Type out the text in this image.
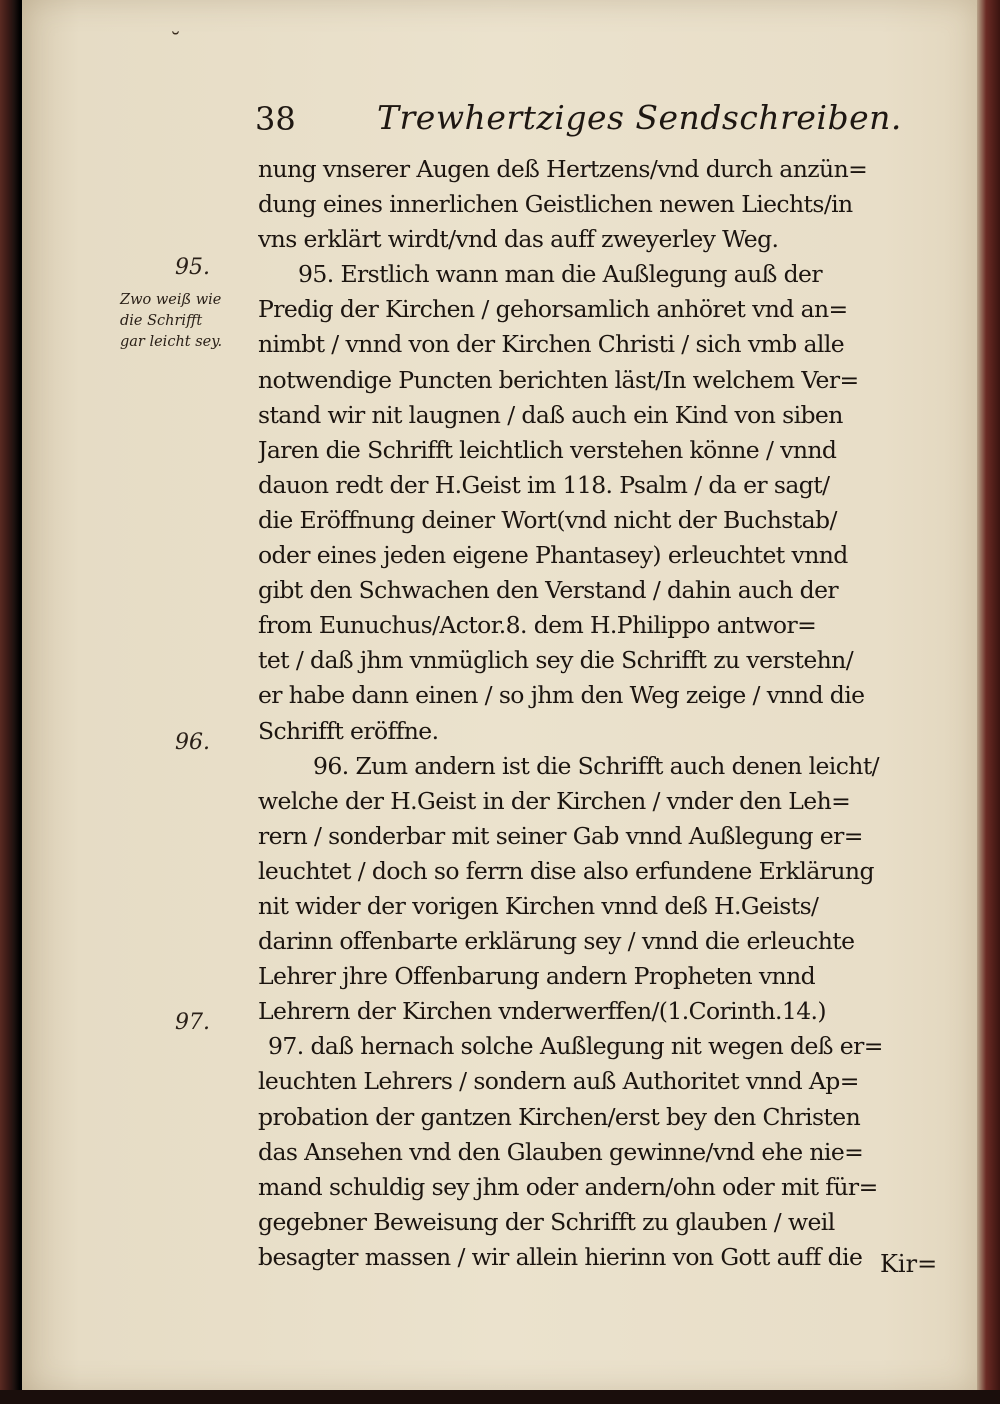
˘
38 Trewhertziges Sendschreiben.
95.
Zwo weiß wie
die Schrifft
gar leicht sey.
96.
97.
nung vnserer Augen deß Hertzens/vnd durch anzün=
dung eines innerlichen Geistlichen newen Liechts/in
vns erklärt wirdt/vnd das auff zweyerley Weg.
95. Erstlich wann man die Außlegung auß der
Predig der Kirchen / gehorsamlich anhöret vnd an=
nimbt / vnnd von der Kirchen Christi / sich vmb alle
notwendige Puncten berichten läst/In welchem Ver=
stand wir nit laugnen / daß auch ein Kind von siben
Jaren die Schrifft leichtlich verstehen könne / vnnd
dauon redt der H.Geist im 118. Psalm / da er sagt/
die Eröffnung deiner Wort(vnd nicht der Buchstab/
oder eines jeden eigene Phantasey) erleuchtet vnnd
gibt den Schwachen den Verstand / dahin auch der
from Eunuchus/Actor.8. dem H.Philippo antwor=
tet / daß jhm vnmüglich sey die Schrifft zu verstehn/
er habe dann einen / so jhm den Weg zeige / vnnd die
Schrifft eröffne.
96. Zum andern ist die Schrifft auch denen leicht/
welche der H.Geist in der Kirchen / vnder den Leh=
rern / sonderbar mit seiner Gab vnnd Außlegung er=
leuchtet / doch so ferrn dise also erfundene Erklärung
nit wider der vorigen Kirchen vnnd deß H.Geists/
darinn offenbarte erklärung sey / vnnd die erleuchte
Lehrer jhre Offenbarung andern Propheten vnnd
Lehrern der Kirchen vnderwerffen/(1.Corinth.14.)
97. daß hernach solche Außlegung nit wegen deß er=
leuchten Lehrers / sondern auß Authoritet vnnd Ap=
probation der gantzen Kirchen/erst bey den Christen
das Ansehen vnd den Glauben gewinne/vnd ehe nie=
mand schuldig sey jhm oder andern/ohn oder mit für=
gegebner Beweisung der Schrifft zu glauben / weil
besagter massen / wir allein hierinn von Gott auff die Kir=
